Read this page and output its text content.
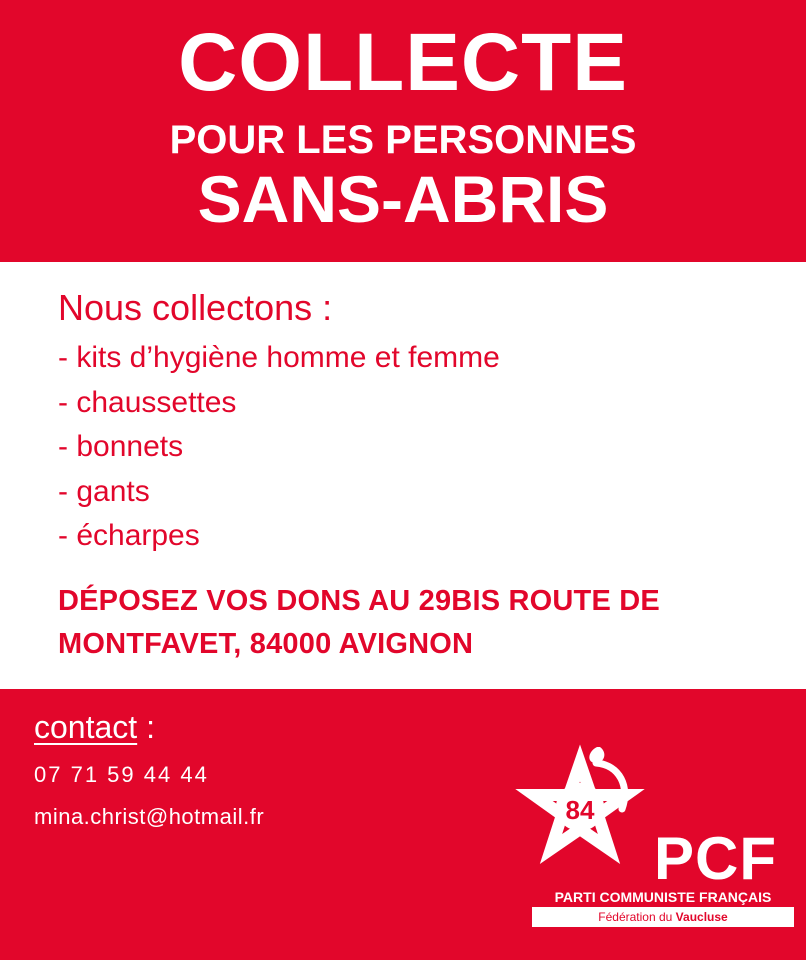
COLLECTE
POUR LES PERSONNES
SANS-ABRIS
Nous collectons :
- kits d’hygiène homme et femme
- chaussettes
- bonnets
- gants
- écharpes
DÉPOSEZ VOS DONS AU 29BIS ROUTE DE
MONTFAVET, 84000 AVIGNON
contact :
07 71 59 44 44
mina.christ@hotmail.fr	84
PCF
PARTI COMMUNISTE FRANÇAIS
Fédération du Vaucluse
